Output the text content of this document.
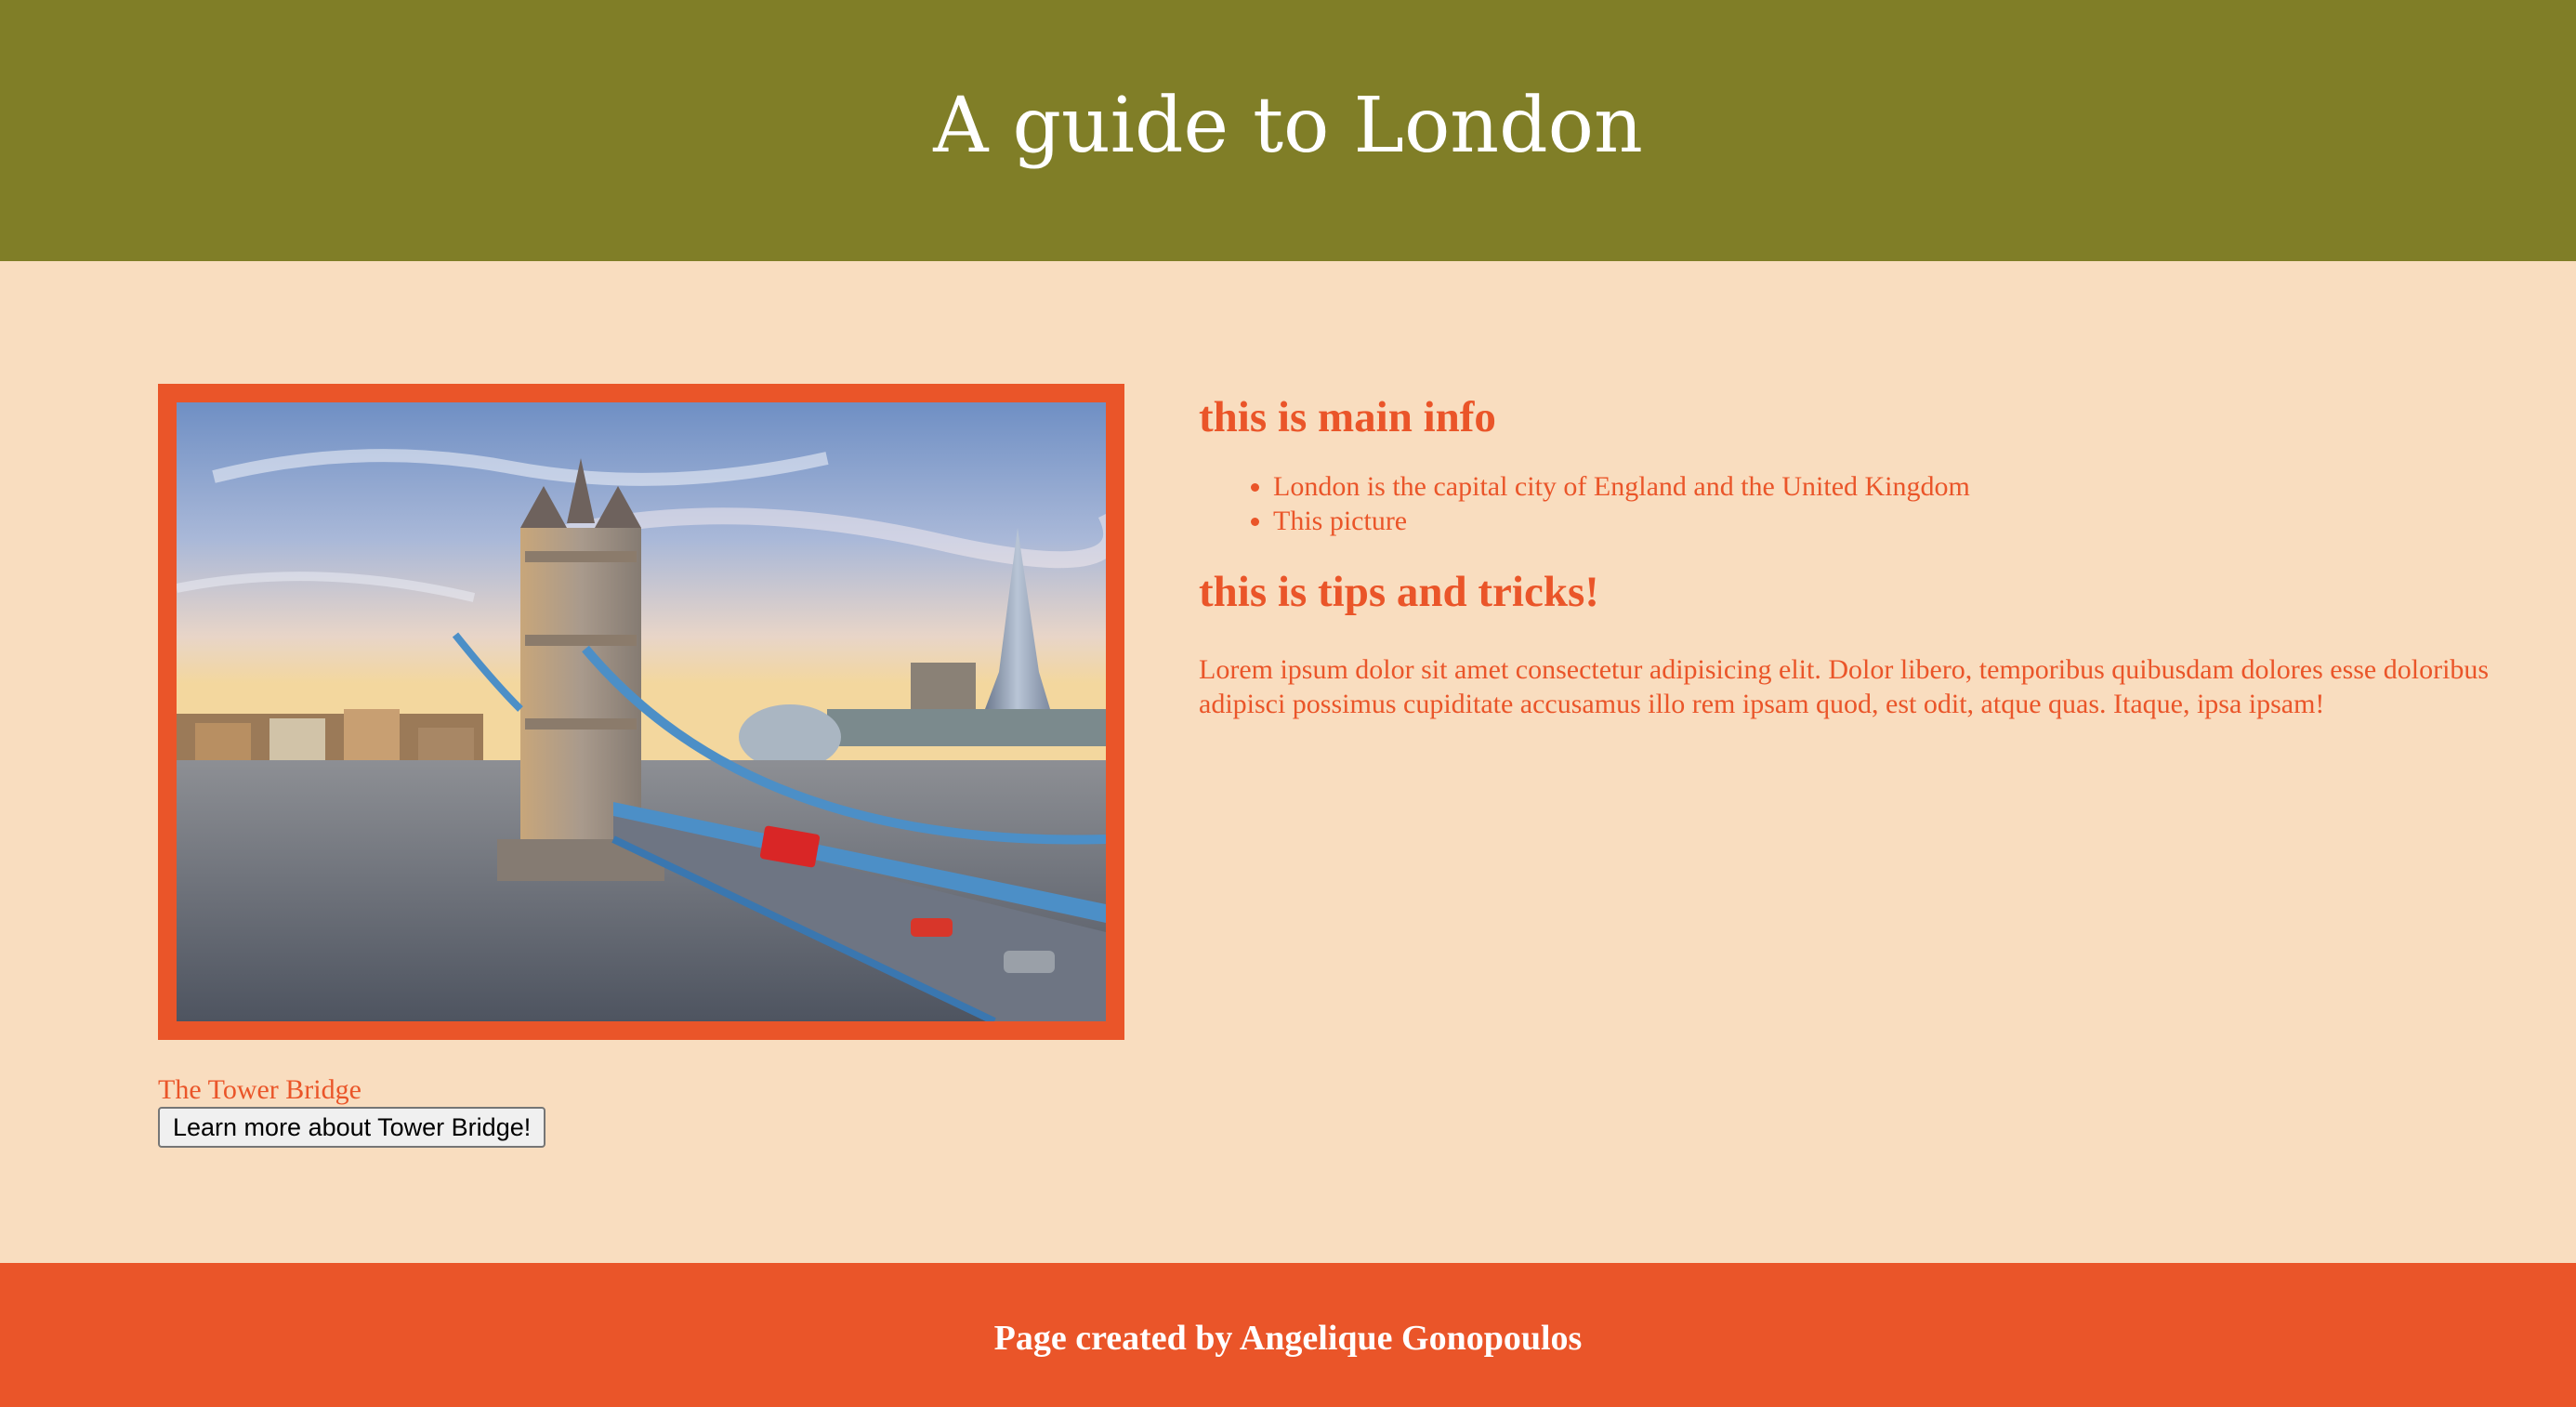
A guide to London
The Tower Bridge
Learn more about Tower Bridge!
this is main info
• London is the capital city of England and the United Kingdom
• This picture
this is tips and tricks!

Lorem ipsum dolor sit amet consectetur adipisicing elit. Dolor libero, temporibus quibusdam dolores esse doloribus adipisci possimus cupiditate accusamus illo rem ipsam quod, est odit, atque quas. Itaque, ipsa ipsam!

Page created by Angelique Gonopoulos
